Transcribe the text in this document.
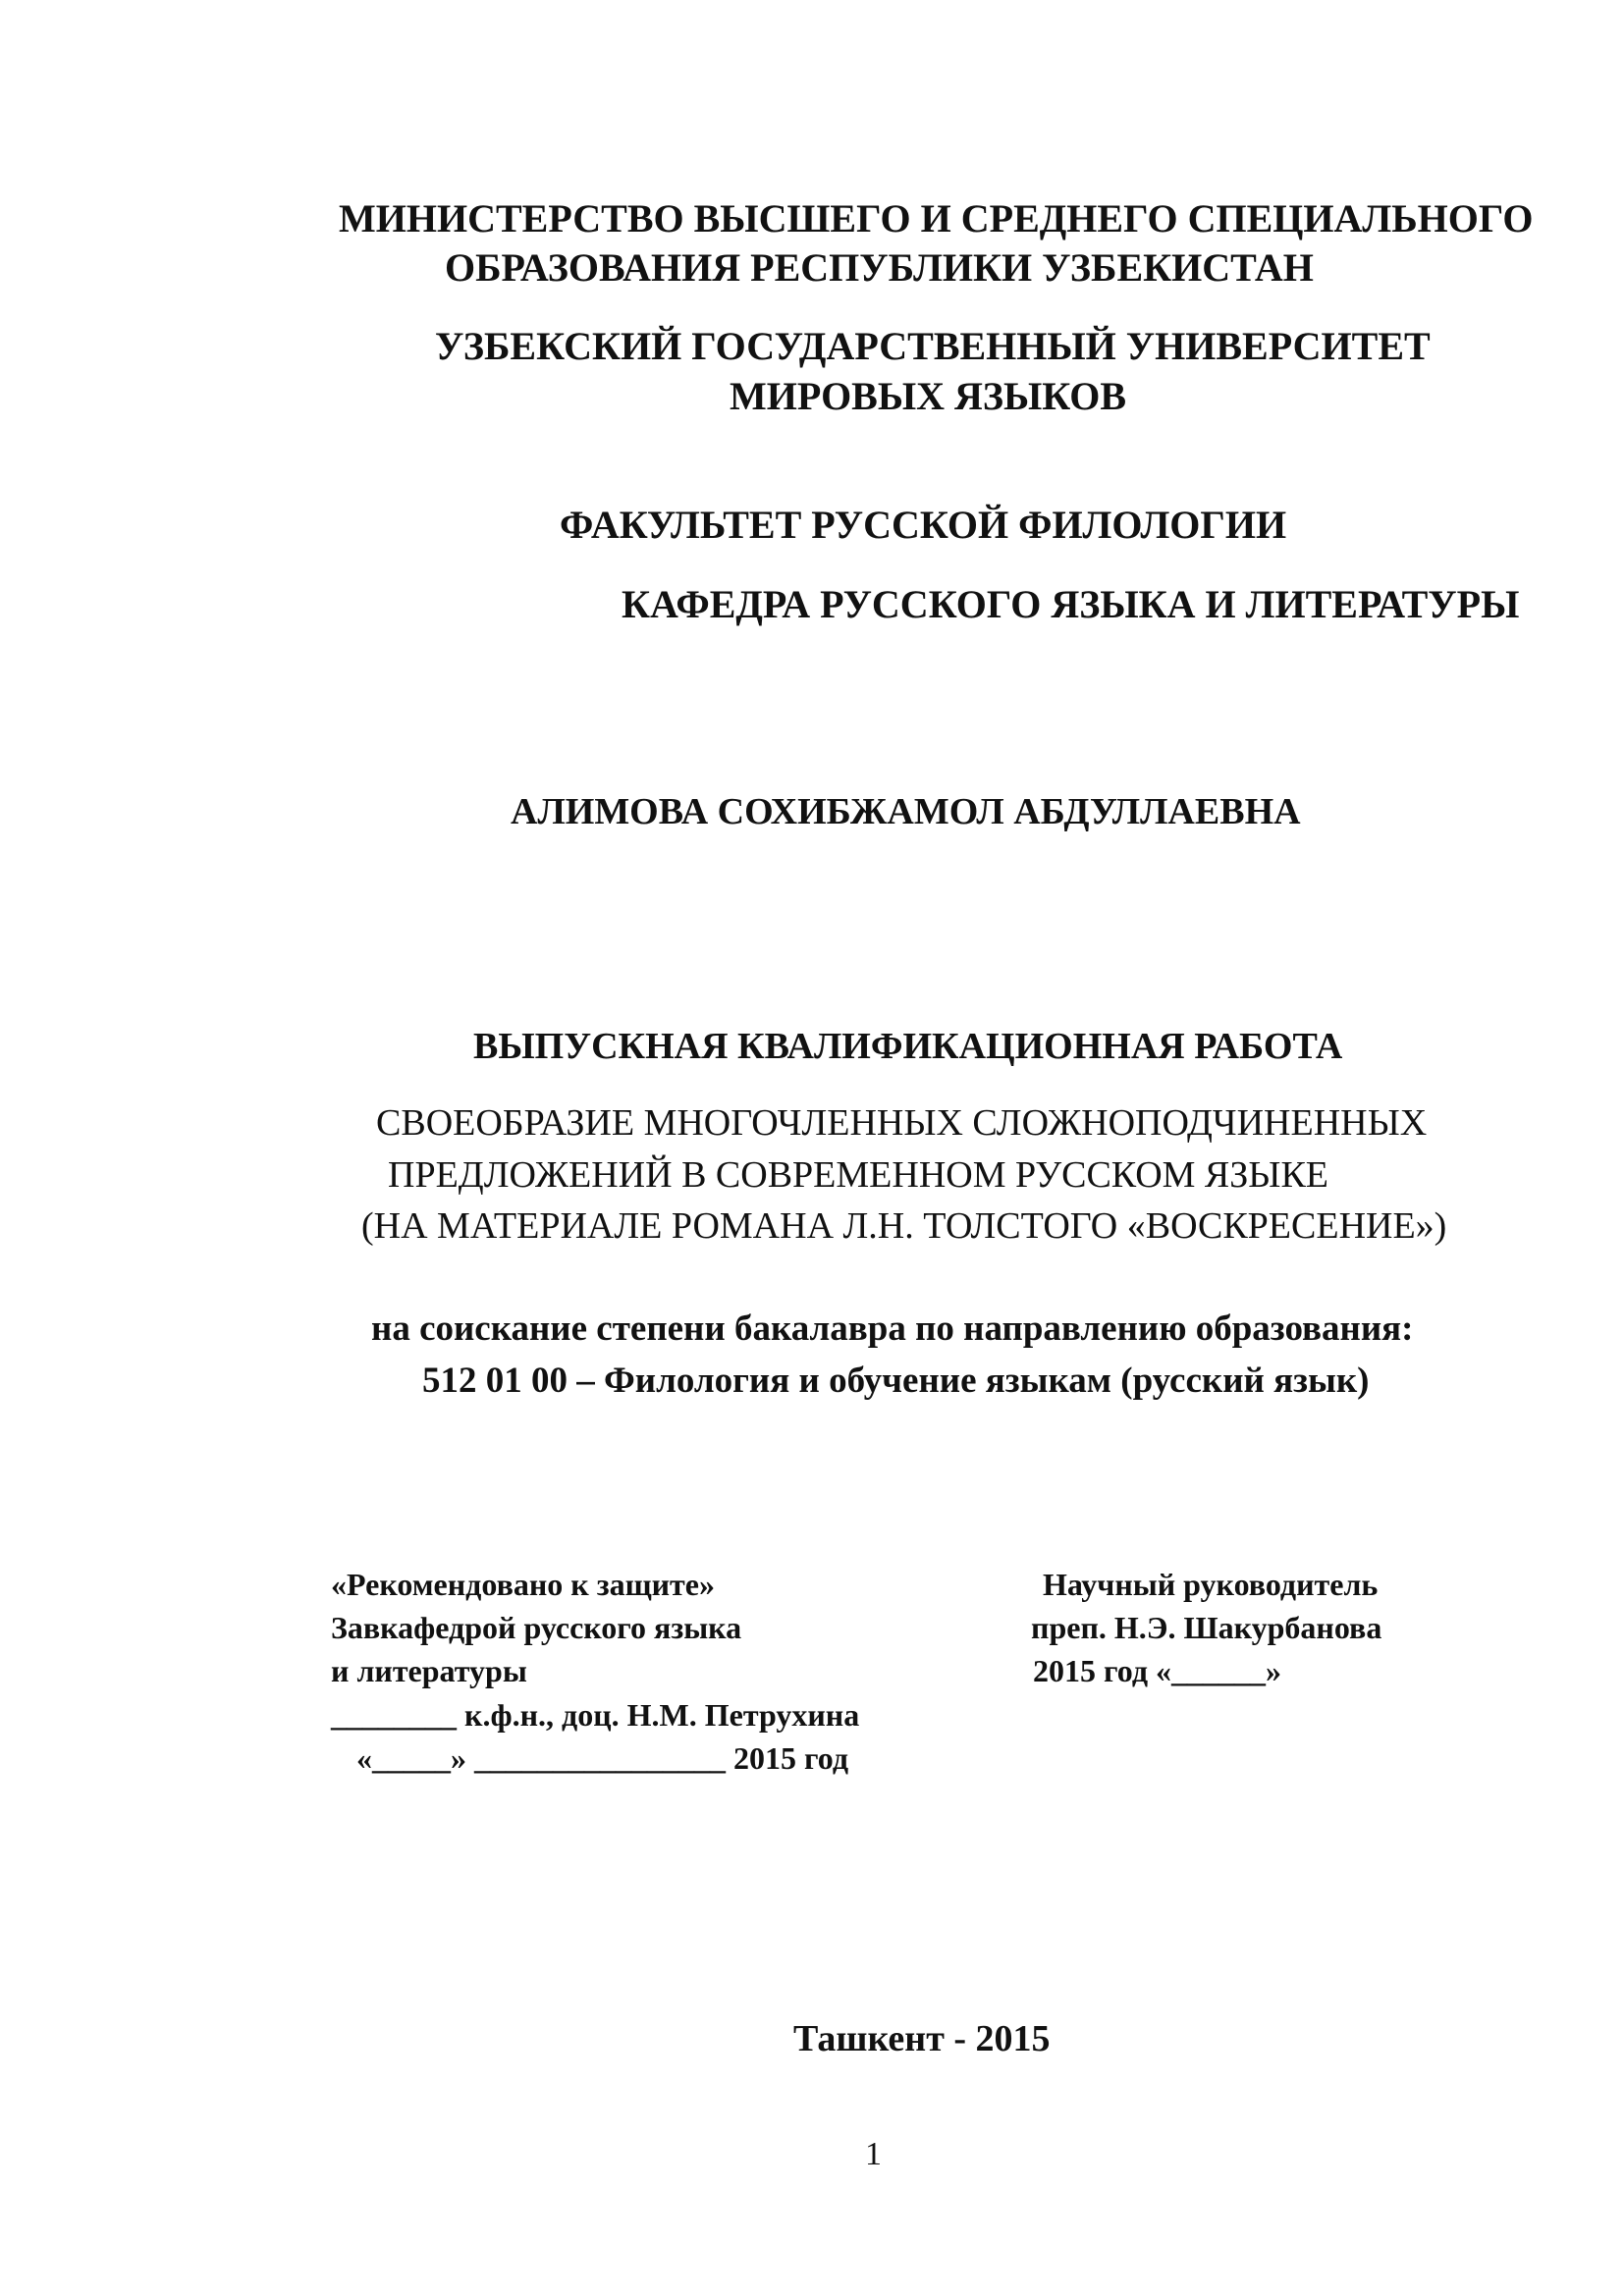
МИНИСТЕРСТВО ВЫСШЕГО И СРЕДНЕГО СПЕЦИАЛЬНОГО
ОБРАЗОВАНИЯ РЕСПУБЛИКИ УЗБЕКИСТАН
УЗБЕКСКИЙ ГОСУДАРСТВЕННЫЙ УНИВЕРСИТЕТ
МИРОВЫХ ЯЗЫКОВ
ФАКУЛЬТЕТ РУССКОЙ ФИЛОЛОГИИ
КАФЕДРА РУССКОГО ЯЗЫКА И ЛИТЕРАТУРЫ
АЛИМОВА СОХИБЖАМОЛ АБДУЛЛАЕВНА
ВЫПУСКНАЯ КВАЛИФИКАЦИОННАЯ РАБОТА
СВОЕОБРАЗИЕ МНОГОЧЛЕННЫХ СЛОЖНОПОДЧИНЕННЫХ
ПРЕДЛОЖЕНИЙ В СОВРЕМЕННОМ РУССКОМ ЯЗЫКЕ
(НА МАТЕРИАЛЕ РОМАНА Л.Н. ТОЛСТОГО «ВОСКРЕСЕНИЕ»)
на соискание степени бакалавра по направлению образования:
512 01 00 – Филология и обучение языкам (русский язык)
«Рекомендовано к защите»
Завкафедрой русского языка
и литературы
________ к.ф.н., доц. Н.М. Петрухина
«_____» ________________ 2015 год
Научный руководитель
преп. Н.Э. Шакурбанова
2015 год «______»
Ташкент - 2015
1
